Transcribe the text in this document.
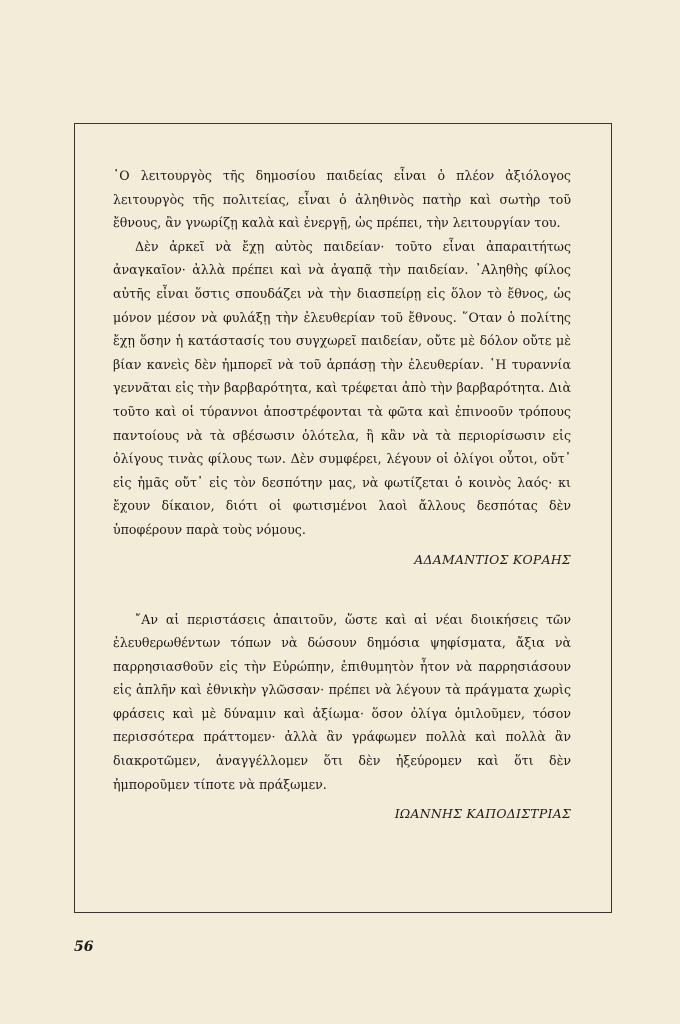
῾Ο λειτουργὸς τῆς δημοσίου παιδείας εἶναι ὁ πλέον ἀξιόλογος λειτουργὸς τῆς πολιτείας, εἶναι ὁ ἀληθινὸς πατὴρ καὶ σωτὴρ τοῦ ἔθνους, ἂν γνωρίζῃ καλὰ καὶ ἐνεργῇ, ὡς πρέπει, τὴν λειτουργίαν του.

Δὲν ἀρκεῖ νὰ ἔχῃ αὐτὸς παιδείαν· τοῦτο εἶναι ἀπαραιτήτως ἀναγκαῖον· ἀλλὰ πρέπει καὶ νὰ ἀγαπᾷ τὴν παιδείαν. ᾿Αληθὴς φίλος αὐτῆς εἶναι ὅστις σπουδάζει νὰ τὴν διασπείρῃ εἰς ὅλον τὸ ἔθνος, ὡς μόνον μέσον νὰ φυλάξῃ τὴν ἐλευθερίαν τοῦ ἔθνους. ῞Οταν ὁ πολίτης ἔχῃ ὅσην ἡ κατάστασίς του συγχωρεῖ παιδείαν, οὔτε μὲ δόλον οὔτε μὲ βίαν κανεὶς δὲν ἠμπορεῖ νὰ τοῦ ἁρπάσῃ τὴν ἐλευθερίαν. ῾Η τυραννία γεννᾶται εἰς τὴν βαρβαρότητα, καὶ τρέφεται ἀπὸ τὴν βαρβαρότητα. Διὰ τοῦτο καὶ οἱ τύραννοι ἀποστρέφονται τὰ φῶτα καὶ ἐπινοοῦν τρόπους παντοίους νὰ τὰ σβέσωσιν ὁλότελα, ἢ κἂν νὰ τὰ περιορίσωσιν εἰς ὀλίγους τινὰς φίλους των. Δὲν συμφέρει, λέγουν οἱ ὀλίγοι οὗτοι, οὔτ᾿ εἰς ἡμᾶς οὔτ᾿ εἰς τὸν δεσπότην μας, νὰ φωτίζεται ὁ κοινὸς λαός· κι ἔχουν δίκαιον, διότι οἱ φωτισμένοι λαοὶ ἄλλους δεσπότας δὲν ὑποφέρουν παρὰ τοὺς νόμους.

ΑΔΑΜΑΝΤΙΟΣ ΚΟΡΑΗΣ

῎Αν αἱ περιστάσεις ἀπαιτοῦν, ὥστε καὶ αἱ νέαι διοικήσεις τῶν ἐλευθερωθέντων τόπων νὰ δώσουν δημόσια ψηφίσματα, ἄξια νὰ παρρησιασθοῦν εἰς τὴν Εὐρώπην, ἐπιθυμητὸν ἦτον νὰ παρρησιάσουν εἰς ἁπλῆν καὶ ἐθνικὴν γλῶσσαν· πρέπει νὰ λέγουν τὰ πράγματα χωρὶς φράσεις καὶ μὲ δύναμιν καὶ ἀξίωμα· ὅσον ὀλίγα ὁμιλοῦμεν, τόσον περισσότερα πράττομεν· ἀλλὰ ἂν γράφωμεν πολλὰ καὶ πολλὰ ἂν διακροτῶμεν, ἀναγγέλλομεν ὅτι δὲν ἠξεύρομεν καὶ ὅτι δὲν ἠμποροῦμεν τίποτε νὰ πράξωμεν.

ΙΩΑΝΝΗΣ ΚΑΠΟΔΙΣΤΡΙΑΣ

56
